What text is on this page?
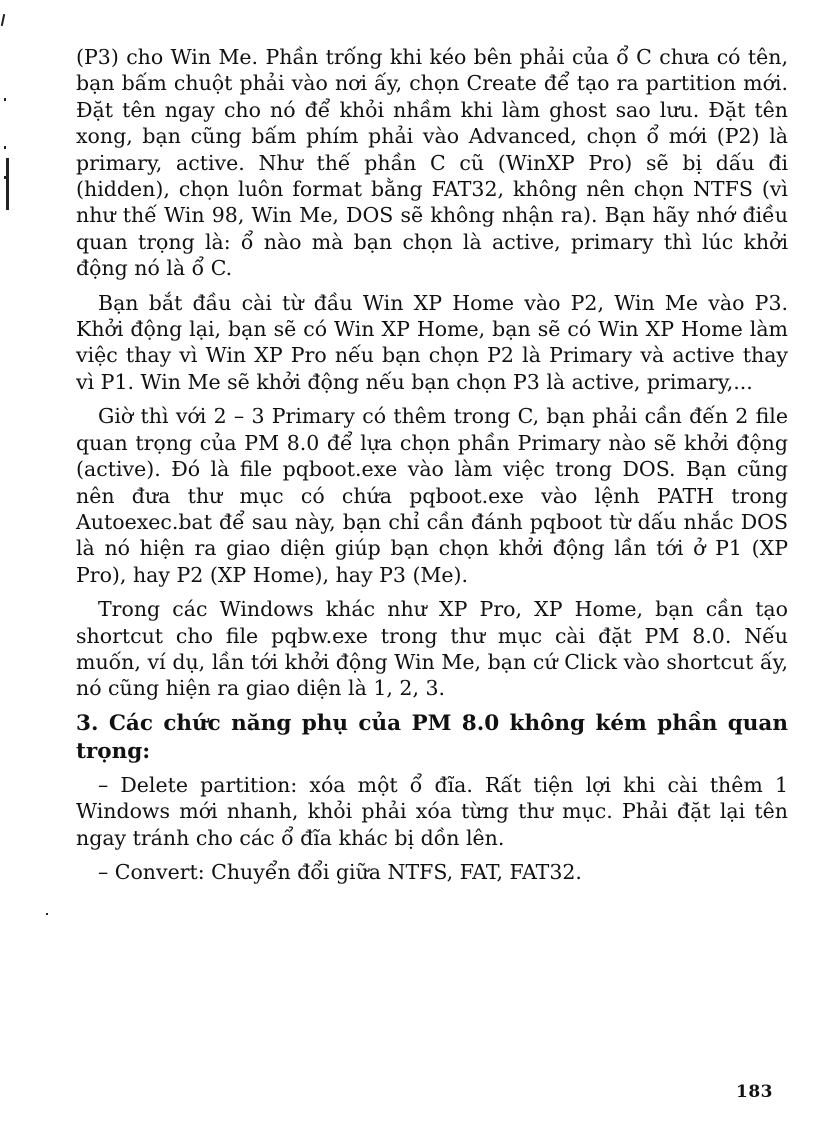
(P3) cho Win Me. Phần trống khi kéo bên phải của ổ C chưa có tên, bạn bấm chuột phải vào nơi ấy, chọn Create để tạo ra partition mới. Đặt tên ngay cho nó để khỏi nhầm khi làm ghost sao lưu. Đặt tên xong, bạn cũng bấm phím phải vào Advanced, chọn ổ mới (P2) là primary, active. Như thế phần C cũ (WinXP Pro) sẽ bị dấu đi (hidden), chọn luôn format bằng FAT32, không nên chọn NTFS (vì như thế Win 98, Win Me, DOS sẽ không nhận ra). Bạn hãy nhớ điều quan trọng là: ổ nào mà bạn chọn là active, primary thì lúc khởi động nó là ổ C.

Bạn bắt đầu cài từ đầu Win XP Home vào P2, Win Me vào P3. Khởi động lại, bạn sẽ có Win XP Home, bạn sẽ có Win XP Home làm việc thay vì Win XP Pro nếu bạn chọn P2 là Primary và active thay vì P1. Win Me sẽ khởi động nếu bạn chọn P3 là active, primary,...

Giờ thì với 2 – 3 Primary có thêm trong C, bạn phải cần đến 2 file quan trọng của PM 8.0 để lựa chọn phần Primary nào sẽ khởi động (active). Đó là file pqboot.exe vào làm việc trong DOS. Bạn cũng nên đưa thư mục có chứa pqboot.exe vào lệnh PATH trong Autoexec.bat để sau này, bạn chỉ cần đánh pqboot từ dấu nhắc DOS là nó hiện ra giao diện giúp bạn chọn khởi động lần tới ở P1 (XP Pro), hay P2 (XP Home), hay P3 (Me).

Trong các Windows khác như XP Pro, XP Home, bạn cần tạo shortcut cho file pqbw.exe trong thư mục cài đặt PM 8.0. Nếu muốn, ví dụ, lần tới khởi động Win Me, bạn cứ Click vào shortcut ấy, nó cũng hiện ra giao diện là 1, 2, 3.

3. Các chức năng phụ của PM 8.0 không kém phần quan trọng:

– Delete partition: xóa một ổ đĩa. Rất tiện lợi khi cài thêm 1 Windows mới nhanh, khỏi phải xóa từng thư mục. Phải đặt lại tên ngay tránh cho các ổ đĩa khác bị dồn lên.

– Convert: Chuyển đổi giữa NTFS, FAT, FAT32.

183
